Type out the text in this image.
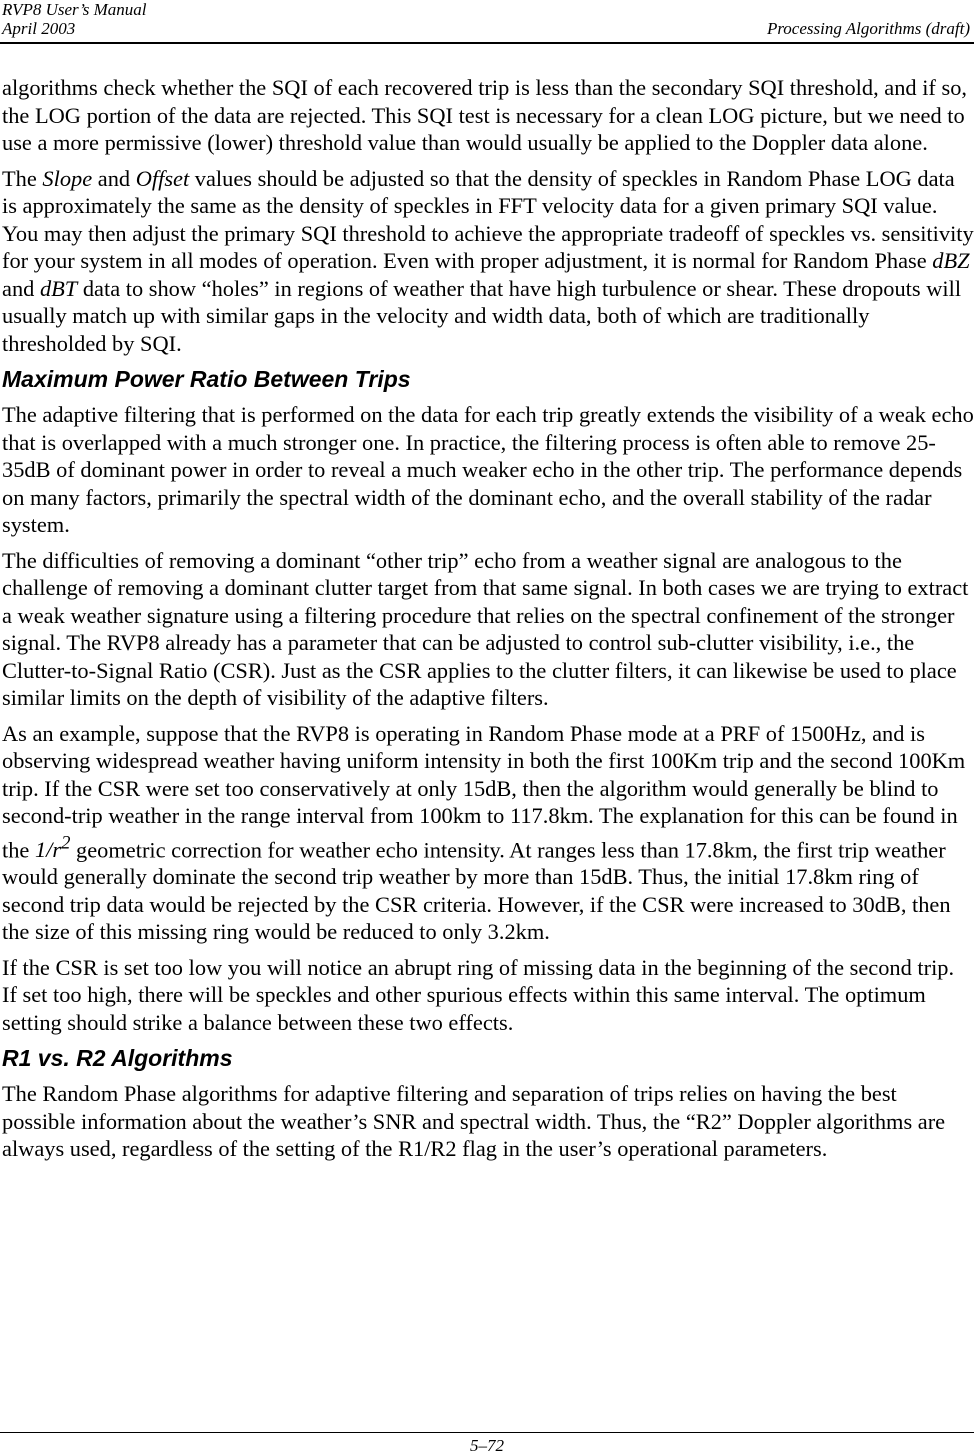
RVP8 User’s Manual
April 2003	Processing Algorithms (draft)

algorithms check whether the SQI of each recovered trip is less than the secondary SQI threshold, and if so, the LOG portion of the data are rejected. This SQI test is necessary for a clean LOG picture, but we need to use a more permissive (lower) threshold value than would usually be applied to the Doppler data alone.

The Slope and Offset values should be adjusted so that the density of speckles in Random Phase LOG data is approximately the same as the density of speckles in FFT velocity data for a given primary SQI value. You may then adjust the primary SQI threshold to achieve the appropriate tradeoff of speckles vs. sensitivity for your system in all modes of operation. Even with proper adjustment, it is normal for Random Phase dBZ and dBT data to show “holes” in regions of weather that have high turbulence or shear. These dropouts will usually match up with similar gaps in the velocity and width data, both of which are traditionally thresholded by SQI.

Maximum Power Ratio Between Trips

The adaptive filtering that is performed on the data for each trip greatly extends the visibility of a weak echo that is overlapped with a much stronger one. In practice, the filtering process is often able to remove 25-35dB of dominant power in order to reveal a much weaker echo in the other trip. The performance depends on many factors, primarily the spectral width of the dominant echo, and the overall stability of the radar system.

The difficulties of removing a dominant “other trip” echo from a weather signal are analogous to the challenge of removing a dominant clutter target from that same signal. In both cases we are trying to extract a weak weather signature using a filtering procedure that relies on the spectral confinement of the stronger signal. The RVP8 already has a parameter that can be adjusted to control sub-clutter visibility, i.e., the Clutter-to-Signal Ratio (CSR). Just as the CSR applies to the clutter filters, it can likewise be used to place similar limits on the depth of visibility of the adaptive filters.

As an example, suppose that the RVP8 is operating in Random Phase mode at a PRF of 1500Hz, and is observing widespread weather having uniform intensity in both the first 100Km trip and the second 100Km trip. If the CSR were set too conservatively at only 15dB, then the algorithm would generally be blind to second-trip weather in the range interval from 100km to 117.8km. The explanation for this can be found in the $1/r^2$ geometric correction for weather echo intensity. At ranges less than 17.8km, the first trip weather would generally dominate the second trip weather by more than 15dB. Thus, the initial 17.8km ring of second trip data would be rejected by the CSR criteria. However, if the CSR were increased to 30dB, then the size of this missing ring would be reduced to only 3.2km.

If the CSR is set too low you will notice an abrupt ring of missing data in the beginning of the second trip. If set too high, there will be speckles and other spurious effects within this same interval. The optimum setting should strike a balance between these two effects.

R1 vs. R2 Algorithms

The Random Phase algorithms for adaptive filtering and separation of trips relies on having the best possible information about the weather’s SNR and spectral width. Thus, the “R2” Doppler algorithms are always used, regardless of the setting of the R1/R2 flag in the user’s operational parameters.

5–72
